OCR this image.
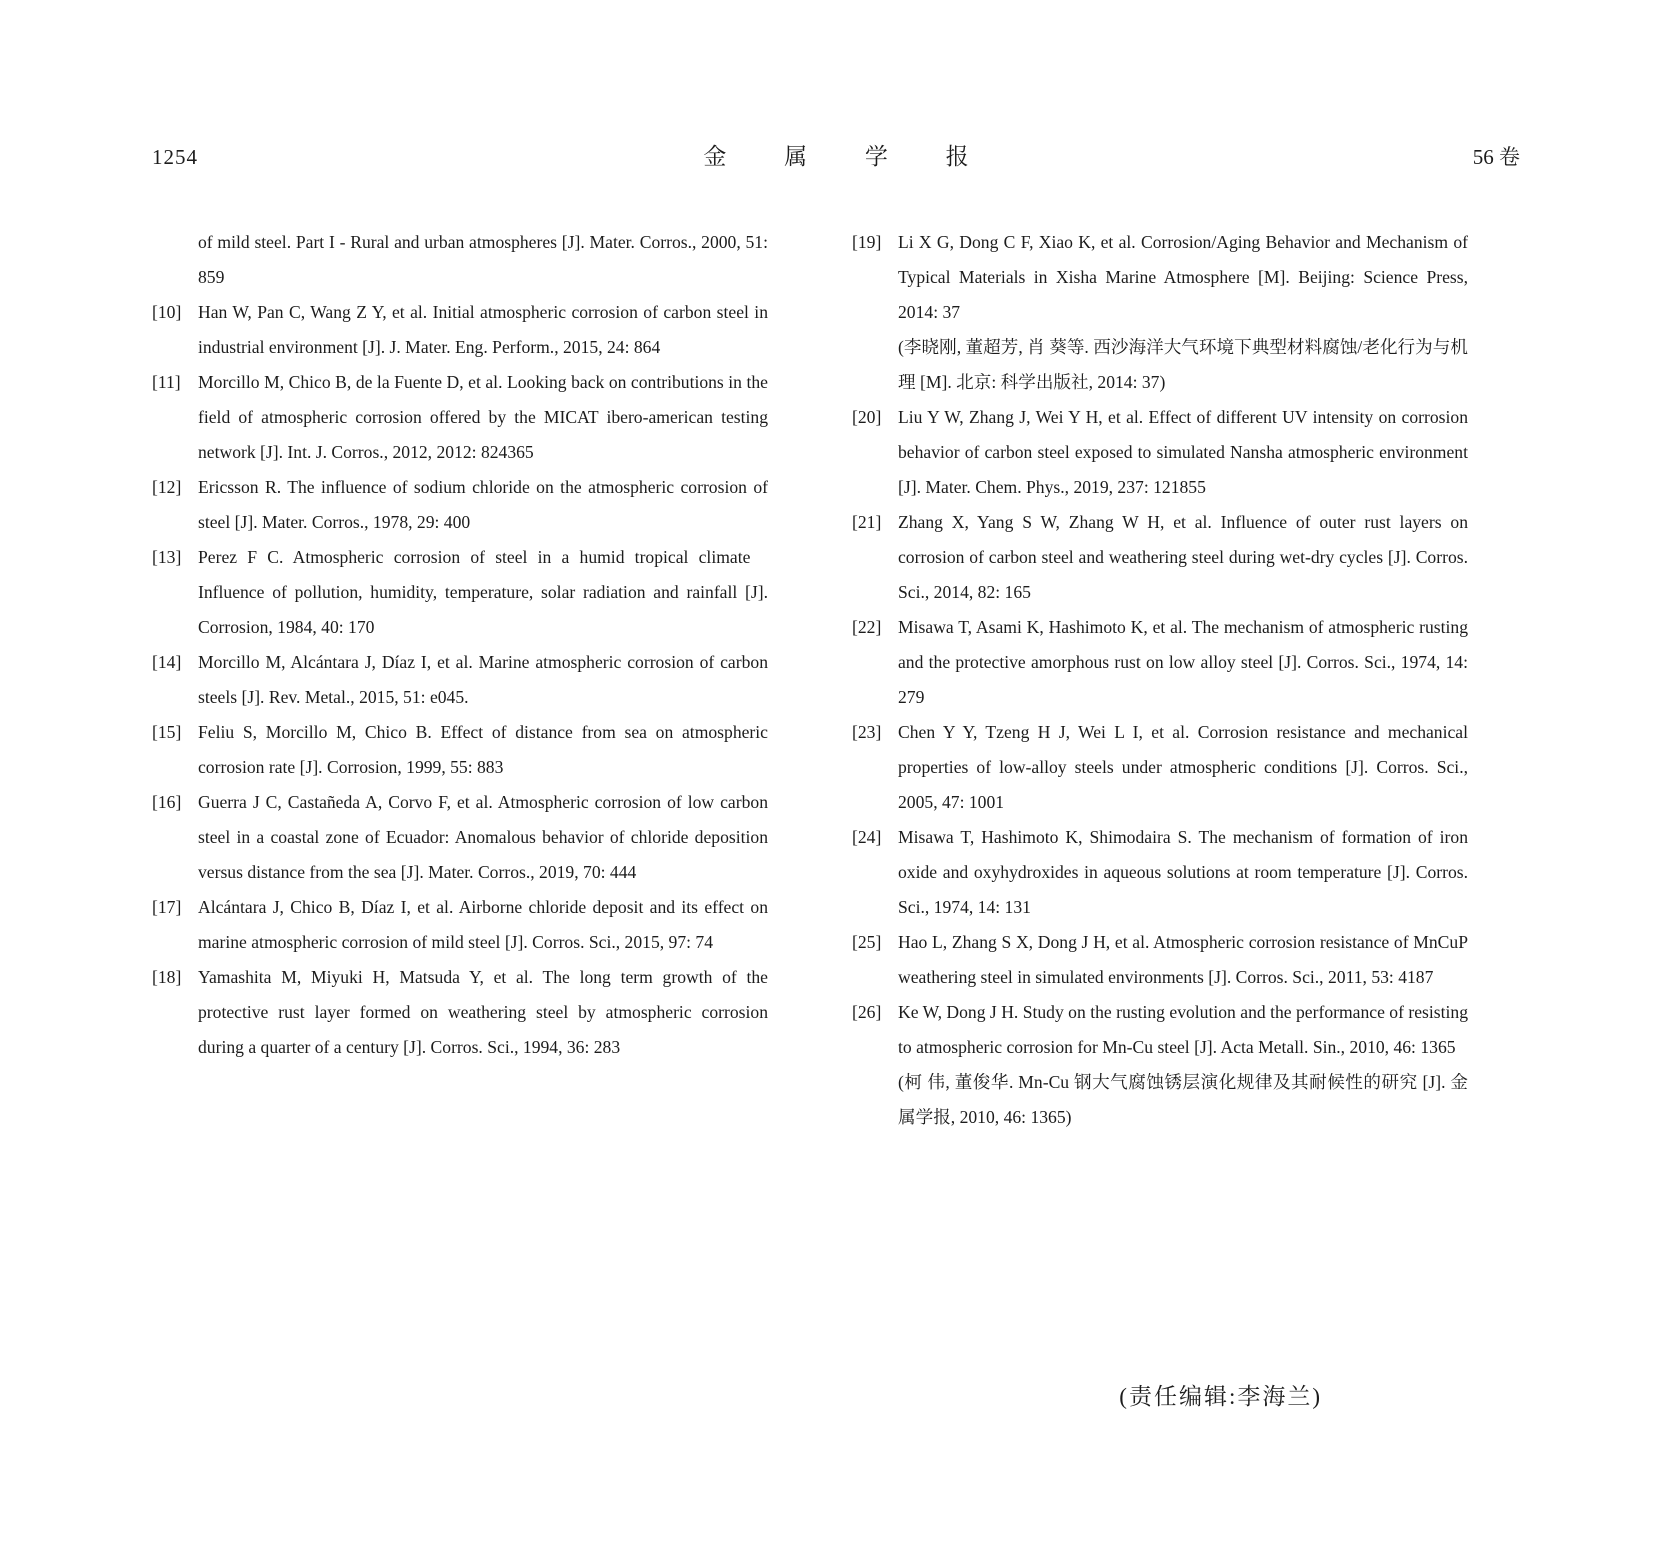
1254	金 属 学 报	56 卷
of mild steel. Part I - Rural and urban atmospheres [J]. Mater. Corros., 2000, 51: 859
[10] Han W, Pan C, Wang Z Y, et al. Initial atmospheric corrosion of carbon steel in industrial environment [J]. J. Mater. Eng. Perform., 2015, 24: 864
[11] Morcillo M, Chico B, de la Fuente D, et al. Looking back on contributions in the field of atmospheric corrosion offered by the MICAT ibero-american testing network [J]. Int. J. Corros., 2012, 2012: 824365
[12] Ericsson R. The influence of sodium chloride on the atmospheric corrosion of steel [J]. Mater. Corros., 1978, 29: 400
[13] Perez F C. Atmospheric corrosion of steel in a humid tropical climate Influence of pollution, humidity, temperature, solar radiation and rainfall [J]. Corrosion, 1984, 40: 170
[14] Morcillo M, Alcántara J, Díaz I, et al. Marine atmospheric corrosion of carbon steels [J]. Rev. Metal., 2015, 51: e045.
[15] Feliu S, Morcillo M, Chico B. Effect of distance from sea on atmospheric corrosion rate [J]. Corrosion, 1999, 55: 883
[16] Guerra J C, Castañeda A, Corvo F, et al. Atmospheric corrosion of low carbon steel in a coastal zone of Ecuador: Anomalous behavior of chloride deposition versus distance from the sea [J]. Mater. Corros., 2019, 70: 444
[17] Alcántara J, Chico B, Díaz I, et al. Airborne chloride deposit and its effect on marine atmospheric corrosion of mild steel [J]. Corros. Sci., 2015, 97: 74
[18] Yamashita M, Miyuki H, Matsuda Y, et al. The long term growth of the protective rust layer formed on weathering steel by atmospheric corrosion during a quarter of a century [J]. Corros. Sci., 1994, 36: 283
[19] Li X G, Dong C F, Xiao K, et al. Corrosion/Aging Behavior and Mechanism of Typical Materials in Xisha Marine Atmosphere [M]. Beijing: Science Press, 2014: 37
(李晓刚, 董超芳, 肖 葵等. 西沙海洋大气环境下典型材料腐蚀/老化行为与机理 [M]. 北京: 科学出版社, 2014: 37)
[20] Liu Y W, Zhang J, Wei Y H, et al. Effect of different UV intensity on corrosion behavior of carbon steel exposed to simulated Nansha atmospheric environment [J]. Mater. Chem. Phys., 2019, 237: 121855
[21] Zhang X, Yang S W, Zhang W H, et al. Influence of outer rust layers on corrosion of carbon steel and weathering steel during wet-dry cycles [J]. Corros. Sci., 2014, 82: 165
[22] Misawa T, Asami K, Hashimoto K, et al. The mechanism of atmospheric rusting and the protective amorphous rust on low alloy steel [J]. Corros. Sci., 1974, 14: 279
[23] Chen Y Y, Tzeng H J, Wei L I, et al. Corrosion resistance and mechanical properties of low-alloy steels under atmospheric conditions [J]. Corros. Sci., 2005, 47: 1001
[24] Misawa T, Hashimoto K, Shimodaira S. The mechanism of formation of iron oxide and oxyhydroxides in aqueous solutions at room temperature [J]. Corros. Sci., 1974, 14: 131
[25] Hao L, Zhang S X, Dong J H, et al. Atmospheric corrosion resistance of MnCuP weathering steel in simulated environments [J]. Corros. Sci., 2011, 53: 4187
[26] Ke W, Dong J H. Study on the rusting evolution and the performance of resisting to atmospheric corrosion for Mn-Cu steel [J]. Acta Metall. Sin., 2010, 46: 1365
(柯 伟, 董俊华. Mn-Cu 钢大气腐蚀锈层演化规律及其耐候性的研究 [J]. 金属学报, 2010, 46: 1365)
(责任编辑:李海兰)
